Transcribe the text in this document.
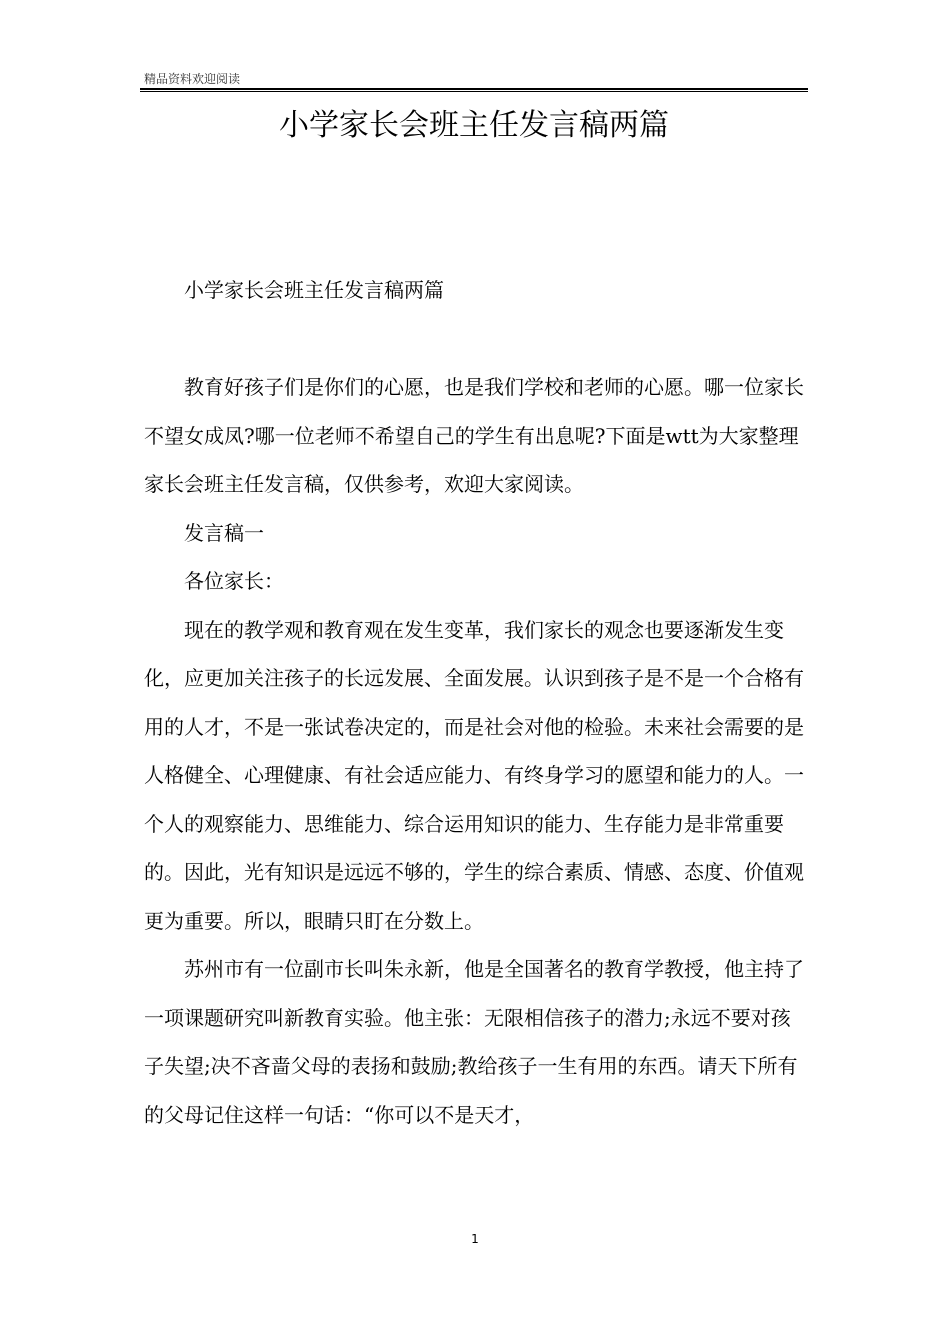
精品资料欢迎阅读
小学家长会班主任发言稿两篇

小学家长会班主任发言稿两篇

教育好孩子们是你们的心愿，也是我们学校和老师的心愿。哪一位家长不望女成凤?哪一位老师不希望自己的学生有出息呢?下面是wtt为大家整理家长会班主任发言稿，仅供参考，欢迎大家阅读。

发言稿一

各位家长：

现在的教学观和教育观在发生变革，我们家长的观念也要逐渐发生变化，应更加关注孩子的长远发展、全面发展。认识到孩子是不是一个合格有用的人才，不是一张试卷决定的，而是社会对他的检验。未来社会需要的是人格健全、心理健康、有社会适应能力、有终身学习的愿望和能力的人。一个人的观察能力、思维能力、综合运用知识的能力、生存能力是非常重要的。因此，光有知识是远远不够的，学生的综合素质、情感、态度、价值观更为重要。所以，眼睛只盯在分数上。

苏州市有一位副市长叫朱永新，他是全国著名的教育学教授，他主持了一项课题研究叫新教育实验。他主张：无限相信孩子的潜力;永远不要对孩子失望;决不吝啬父母的表扬和鼓励;教给孩子一生有用的东西。请天下所有的父母记住这样一句话：“你可以不是天才，

1
